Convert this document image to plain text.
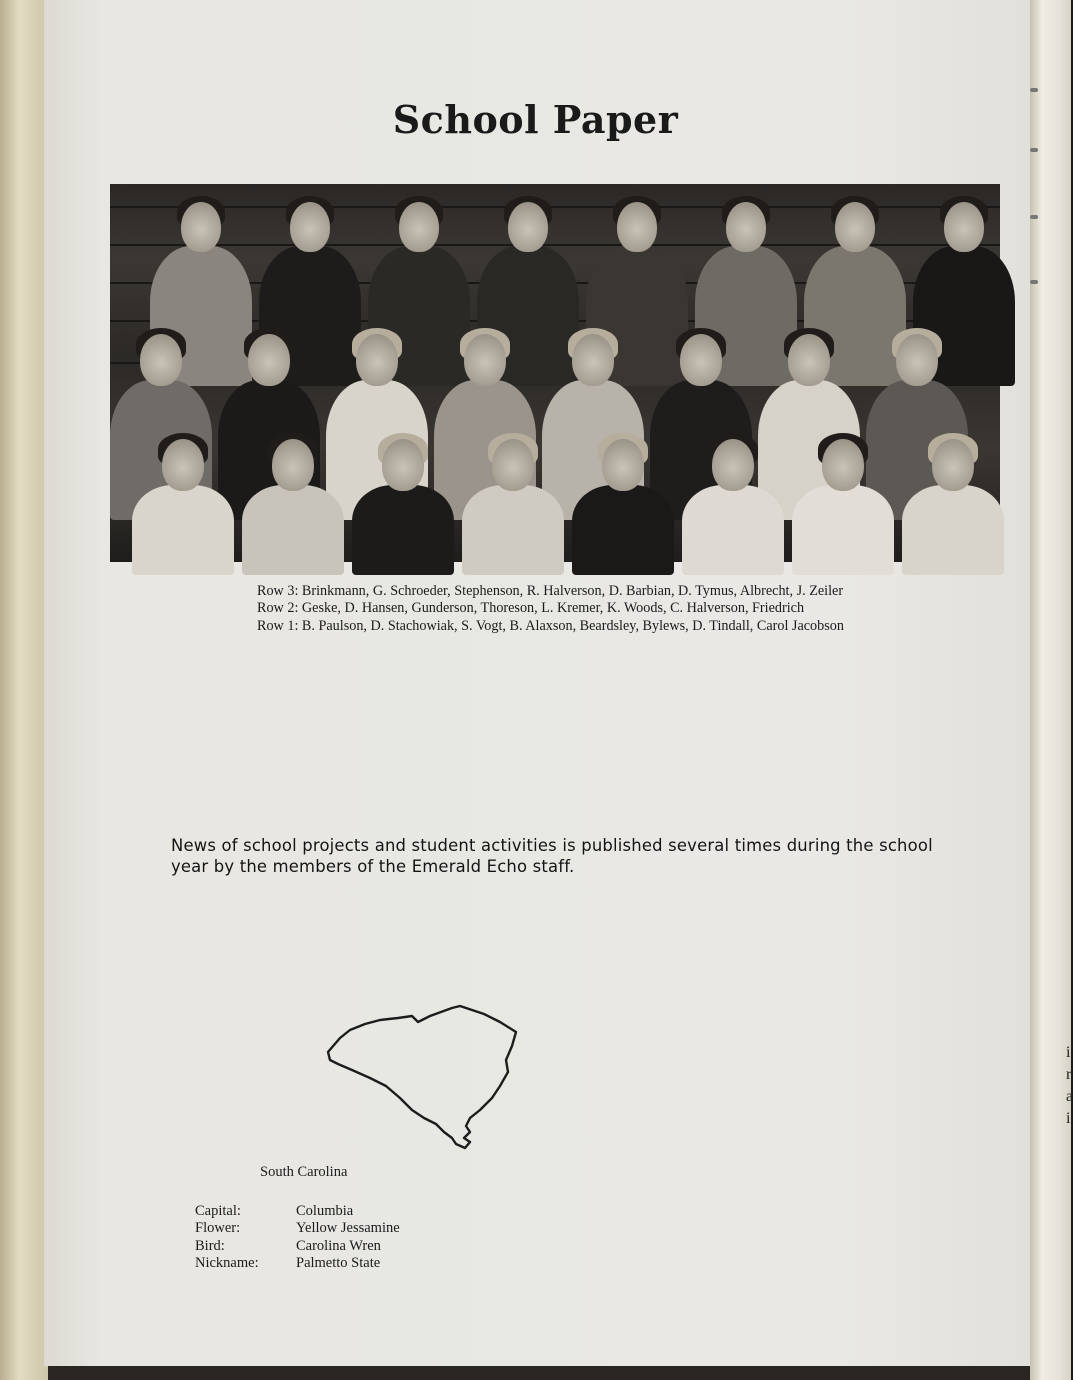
i
r
a
i
School Paper

Row 3: Brinkmann, G. Schroeder, Stephenson, R. Halverson, D. Barbian, D. Tymus, Albrecht, J. Zeiler

Row 2: Geske, D. Hansen, Gunderson, Thoreson, L. Kremer, K. Woods, C. Halverson, Friedrich

Row 1: B. Paulson, D. Stachowiak, S. Vogt, B. Alaxson, Beardsley, Bylews, D. Tindall, Carol Jacobson

News of school projects and student activities is published several times during the school year by the members of the Emerald Echo staff.

South Carolina
Capital:	Columbia
Flower:	Yellow Jessamine
Bird:	Carolina Wren
Nickname:	Palmetto State
